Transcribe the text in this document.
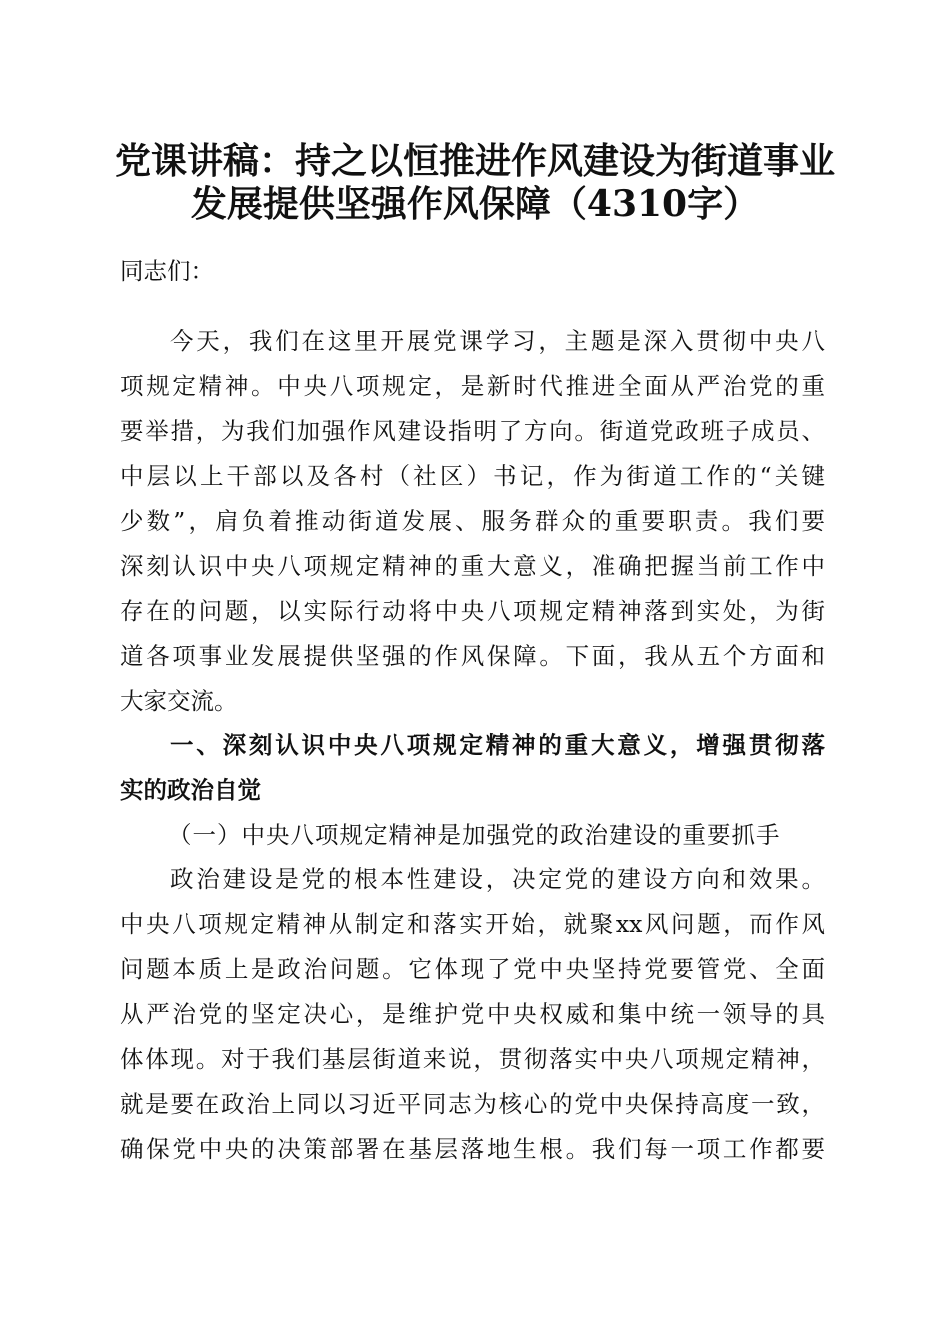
党课讲稿：持之以恒推进作风建设为街道事业
发展提供坚强作风保障（4310字）
同志们：
今天，我们在这里开展党课学习，主题是深入贯彻中央八
项规定精神。中央八项规定，是新时代推进全面从严治党的重
要举措，为我们加强作风建设指明了方向。街道党政班子成员、
中层以上干部以及各村（社区）书记，作为街道工作的“关键
少数”，肩负着推动街道发展、服务群众的重要职责。我们要
深刻认识中央八项规定精神的重大意义，准确把握当前工作中
存在的问题，以实际行动将中央八项规定精神落到实处，为街
道各项事业发展提供坚强的作风保障。下面，我从五个方面和
大家交流。
一、深刻认识中央八项规定精神的重大意义，增强贯彻落
实的政治自觉
（一）中央八项规定精神是加强党的政治建设的重要抓手
政治建设是党的根本性建设，决定党的建设方向和效果。
中央八项规定精神从制定和落实开始，就聚xx风问题，而作风
问题本质上是政治问题。它体现了党中央坚持党要管党、全面
从严治党的坚定决心，是维护党中央权威和集中统一领导的具
体体现。对于我们基层街道来说，贯彻落实中央八项规定精神，
就是要在政治上同以习近平同志为核心的党中央保持高度一致，
确保党中央的决策部署在基层落地生根。我们每一项工作都要
